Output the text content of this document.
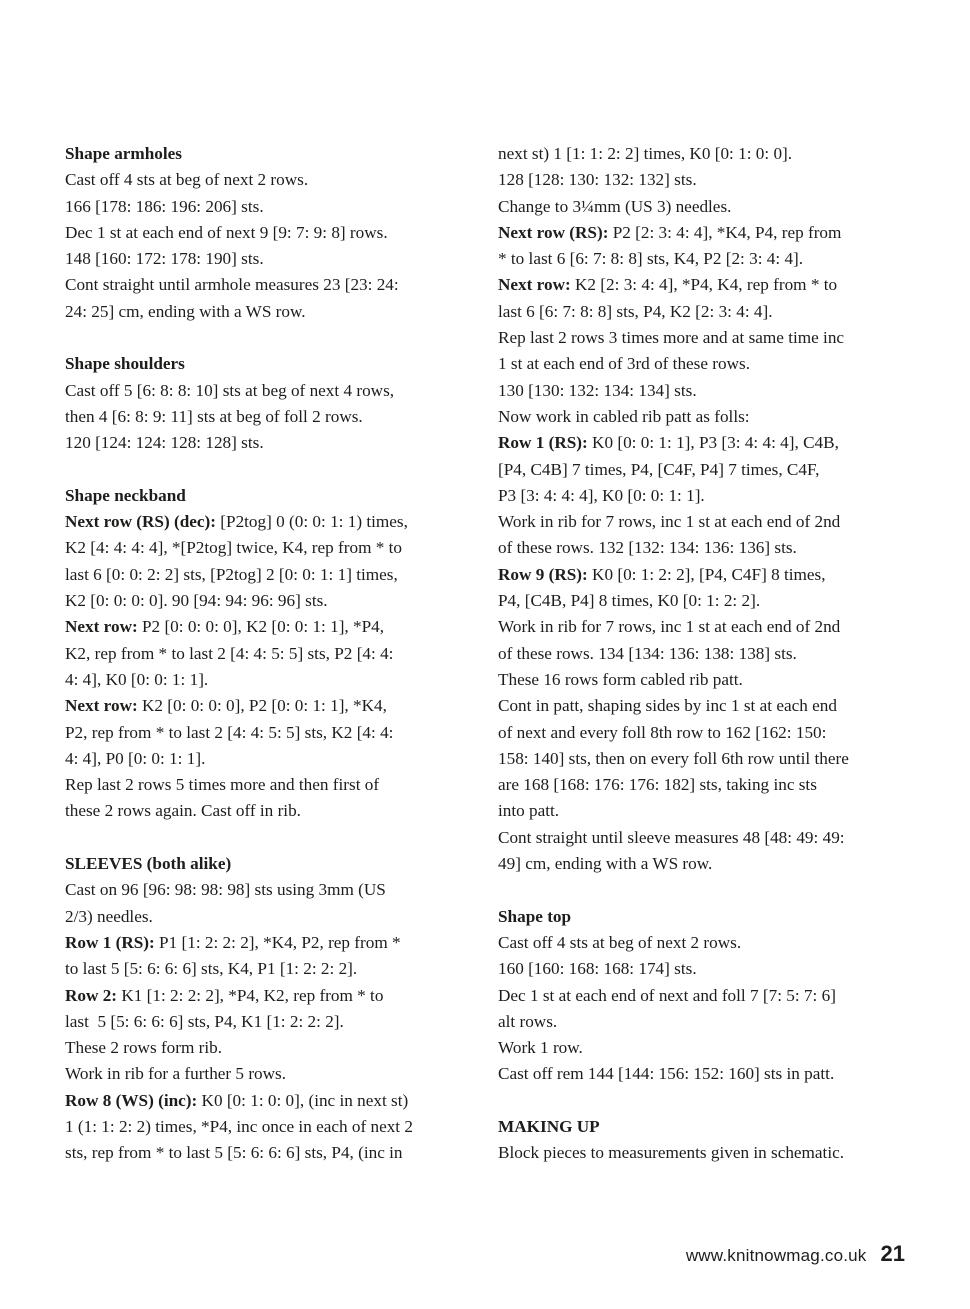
Shape armholes
Cast off 4 sts at beg of next 2 rows.
166 [178: 186: 196: 206] sts.
Dec 1 st at each end of next 9 [9: 7: 9: 8] rows.
148 [160: 172: 178: 190] sts.
Cont straight until armhole measures 23 [23: 24:
24: 25] cm, ending with a WS row.
Shape shoulders
Cast off 5 [6: 8: 8: 10] sts at beg of next 4 rows,
then 4 [6: 8: 9: 11] sts at beg of foll 2 rows.
120 [124: 124: 128: 128] sts.
Shape neckband
Next row (RS) (dec): [P2tog] 0 (0: 0: 1: 1) times,
K2 [4: 4: 4: 4], *[P2tog] twice, K4, rep from * to
last 6 [0: 0: 2: 2] sts, [P2tog] 2 [0: 0: 1: 1] times,
K2 [0: 0: 0: 0]. 90 [94: 94: 96: 96] sts.
Next row: P2 [0: 0: 0: 0], K2 [0: 0: 1: 1], *P4,
K2, rep from * to last 2 [4: 4: 5: 5] sts, P2 [4: 4:
4: 4], K0 [0: 0: 1: 1].
Next row: K2 [0: 0: 0: 0], P2 [0: 0: 1: 1], *K4,
P2, rep from * to last 2 [4: 4: 5: 5] sts, K2 [4: 4:
4: 4], P0 [0: 0: 1: 1].
Rep last 2 rows 5 times more and then first of
these 2 rows again. Cast off in rib.
SLEEVES (both alike)
Cast on 96 [96: 98: 98: 98] sts using 3mm (US
2/3) needles.
Row 1 (RS): P1 [1: 2: 2: 2], *K4, P2, rep from *
to last 5 [5: 6: 6: 6] sts, K4, P1 [1: 2: 2: 2].
Row 2: K1 [1: 2: 2: 2], *P4, K2, rep from * to
last  5 [5: 6: 6: 6] sts, P4, K1 [1: 2: 2: 2].
These 2 rows form rib.
Work in rib for a further 5 rows.
Row 8 (WS) (inc): K0 [0: 1: 0: 0], (inc in next st)
1 (1: 1: 2: 2) times, *P4, inc once in each of next 2
sts, rep from * to last 5 [5: 6: 6: 6] sts, P4, (inc in
next st) 1 [1: 1: 2: 2] times, K0 [0: 1: 0: 0].
128 [128: 130: 132: 132] sts.
Change to 3¼mm (US 3) needles.
Next row (RS): P2 [2: 3: 4: 4], *K4, P4, rep from
* to last 6 [6: 7: 8: 8] sts, K4, P2 [2: 3: 4: 4].
Next row: K2 [2: 3: 4: 4], *P4, K4, rep from * to
last 6 [6: 7: 8: 8] sts, P4, K2 [2: 3: 4: 4].
Rep last 2 rows 3 times more and at same time inc
1 st at each end of 3rd of these rows.
130 [130: 132: 134: 134] sts.
Now work in cabled rib patt as folls:
Row 1 (RS): K0 [0: 0: 1: 1], P3 [3: 4: 4: 4], C4B,
[P4, C4B] 7 times, P4, [C4F, P4] 7 times, C4F,
P3 [3: 4: 4: 4], K0 [0: 0: 1: 1].
Work in rib for 7 rows, inc 1 st at each end of 2nd
of these rows. 132 [132: 134: 136: 136] sts.
Row 9 (RS): K0 [0: 1: 2: 2], [P4, C4F] 8 times,
P4, [C4B, P4] 8 times, K0 [0: 1: 2: 2].
Work in rib for 7 rows, inc 1 st at each end of 2nd
of these rows. 134 [134: 136: 138: 138] sts.
These 16 rows form cabled rib patt.
Cont in patt, shaping sides by inc 1 st at each end
of next and every foll 8th row to 162 [162: 150:
158: 140] sts, then on every foll 6th row until there
are 168 [168: 176: 176: 182] sts, taking inc sts
into patt.
Cont straight until sleeve measures 48 [48: 49: 49:
49] cm, ending with a WS row.
Shape top
Cast off 4 sts at beg of next 2 rows.
160 [160: 168: 168: 174] sts.
Dec 1 st at each end of next and foll 7 [7: 5: 7: 6]
alt rows.
Work 1 row.
Cast off rem 144 [144: 156: 152: 160] sts in patt.
MAKING UP
Block pieces to measurements given in schematic.
www.knitnowmag.co.uk 21
